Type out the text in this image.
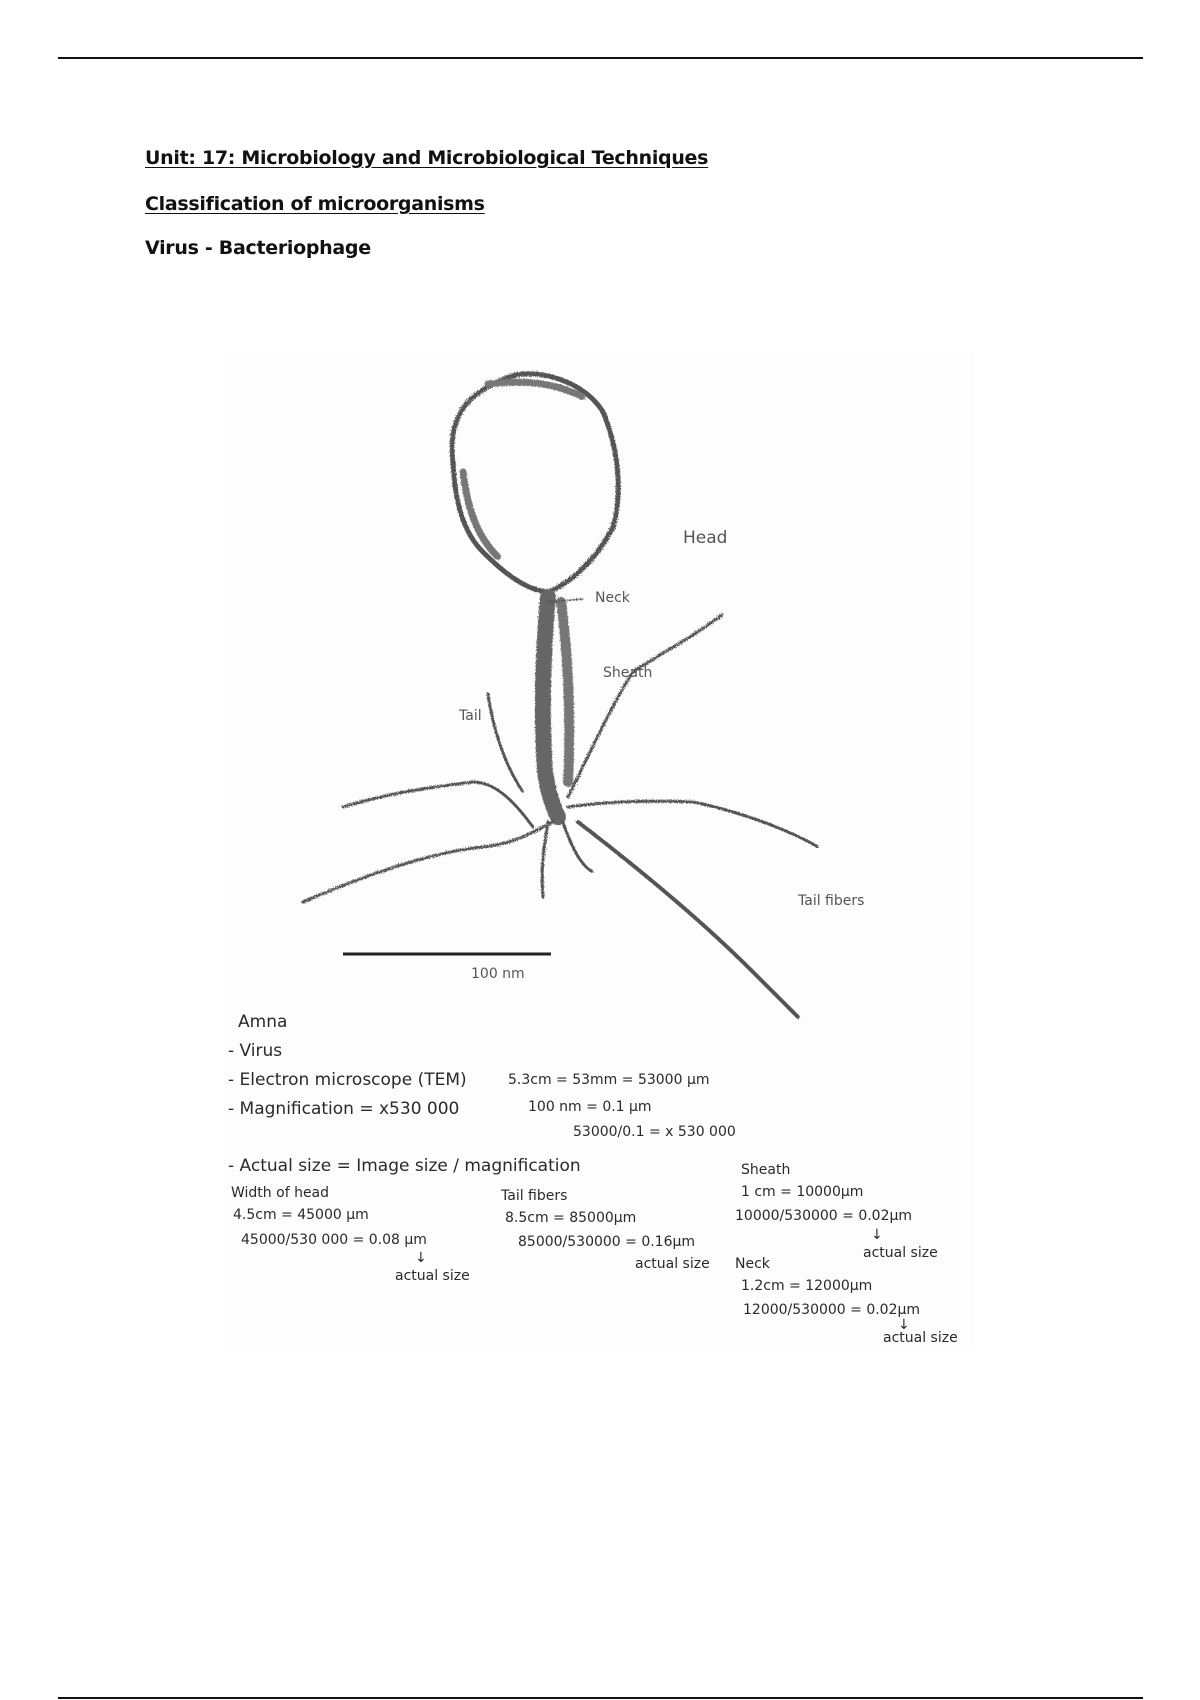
Unit: 17: Microbiology and Microbiological Techniques

Classification of microorganisms

Virus - Bacteriophage

Head

Neck

Sheath

Tail

Tail fibers

100 nm

Amna

- Virus

- Electron microscope (TEM)

- Magnification = x530 000

5.3cm = 53mm = 53000 μm

100 nm = 0.1 μm

53000/0.1 = x 530 000

- Actual size = Image size / magnification

Width of head

4.5cm = 45000 μm

45000/530 000 = 0.08 μm

↓

actual size

Tail fibers

8.5cm = 85000μm

85000/530000 = 0.16μm

actual size

Sheath

1 cm = 10000μm

10000/530000 = 0.02μm

↓

actual size

Neck

1.2cm = 12000μm

12000/530000 = 0.02μm

↓

actual size
